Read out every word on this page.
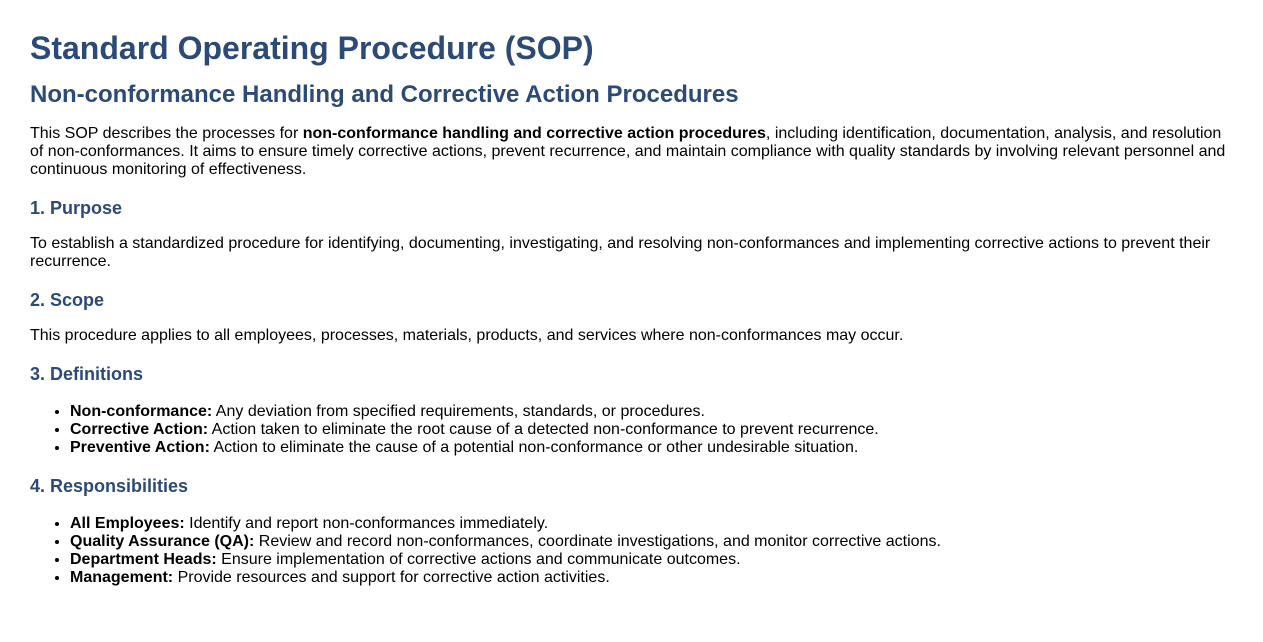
Standard Operating Procedure (SOP)
Non-conformance Handling and Corrective Action Procedures

This SOP describes the processes for non-conformance handling and corrective action procedures, including identification, documentation, analysis, and resolution of non-conformances. It aims to ensure timely corrective actions, prevent recurrence, and maintain compliance with quality standards by involving relevant personnel and continuous monitoring of effectiveness.

1. Purpose

To establish a standardized procedure for identifying, documenting, investigating, and resolving non-conformances and implementing corrective actions to prevent their recurrence.

2. Scope

This procedure applies to all employees, processes, materials, products, and services where non-conformances may occur.

3. Definitions
• Non-conformance: Any deviation from specified requirements, standards, or procedures.
• Corrective Action: Action taken to eliminate the root cause of a detected non-conformance to prevent recurrence.
• Preventive Action: Action to eliminate the cause of a potential non-conformance or other undesirable situation.
4. Responsibilities
• All Employees: Identify and report non-conformances immediately.
• Quality Assurance (QA): Review and record non-conformances, coordinate investigations, and monitor corrective actions.
• Department Heads: Ensure implementation of corrective actions and communicate outcomes.
• Management: Provide resources and support for corrective action activities.
